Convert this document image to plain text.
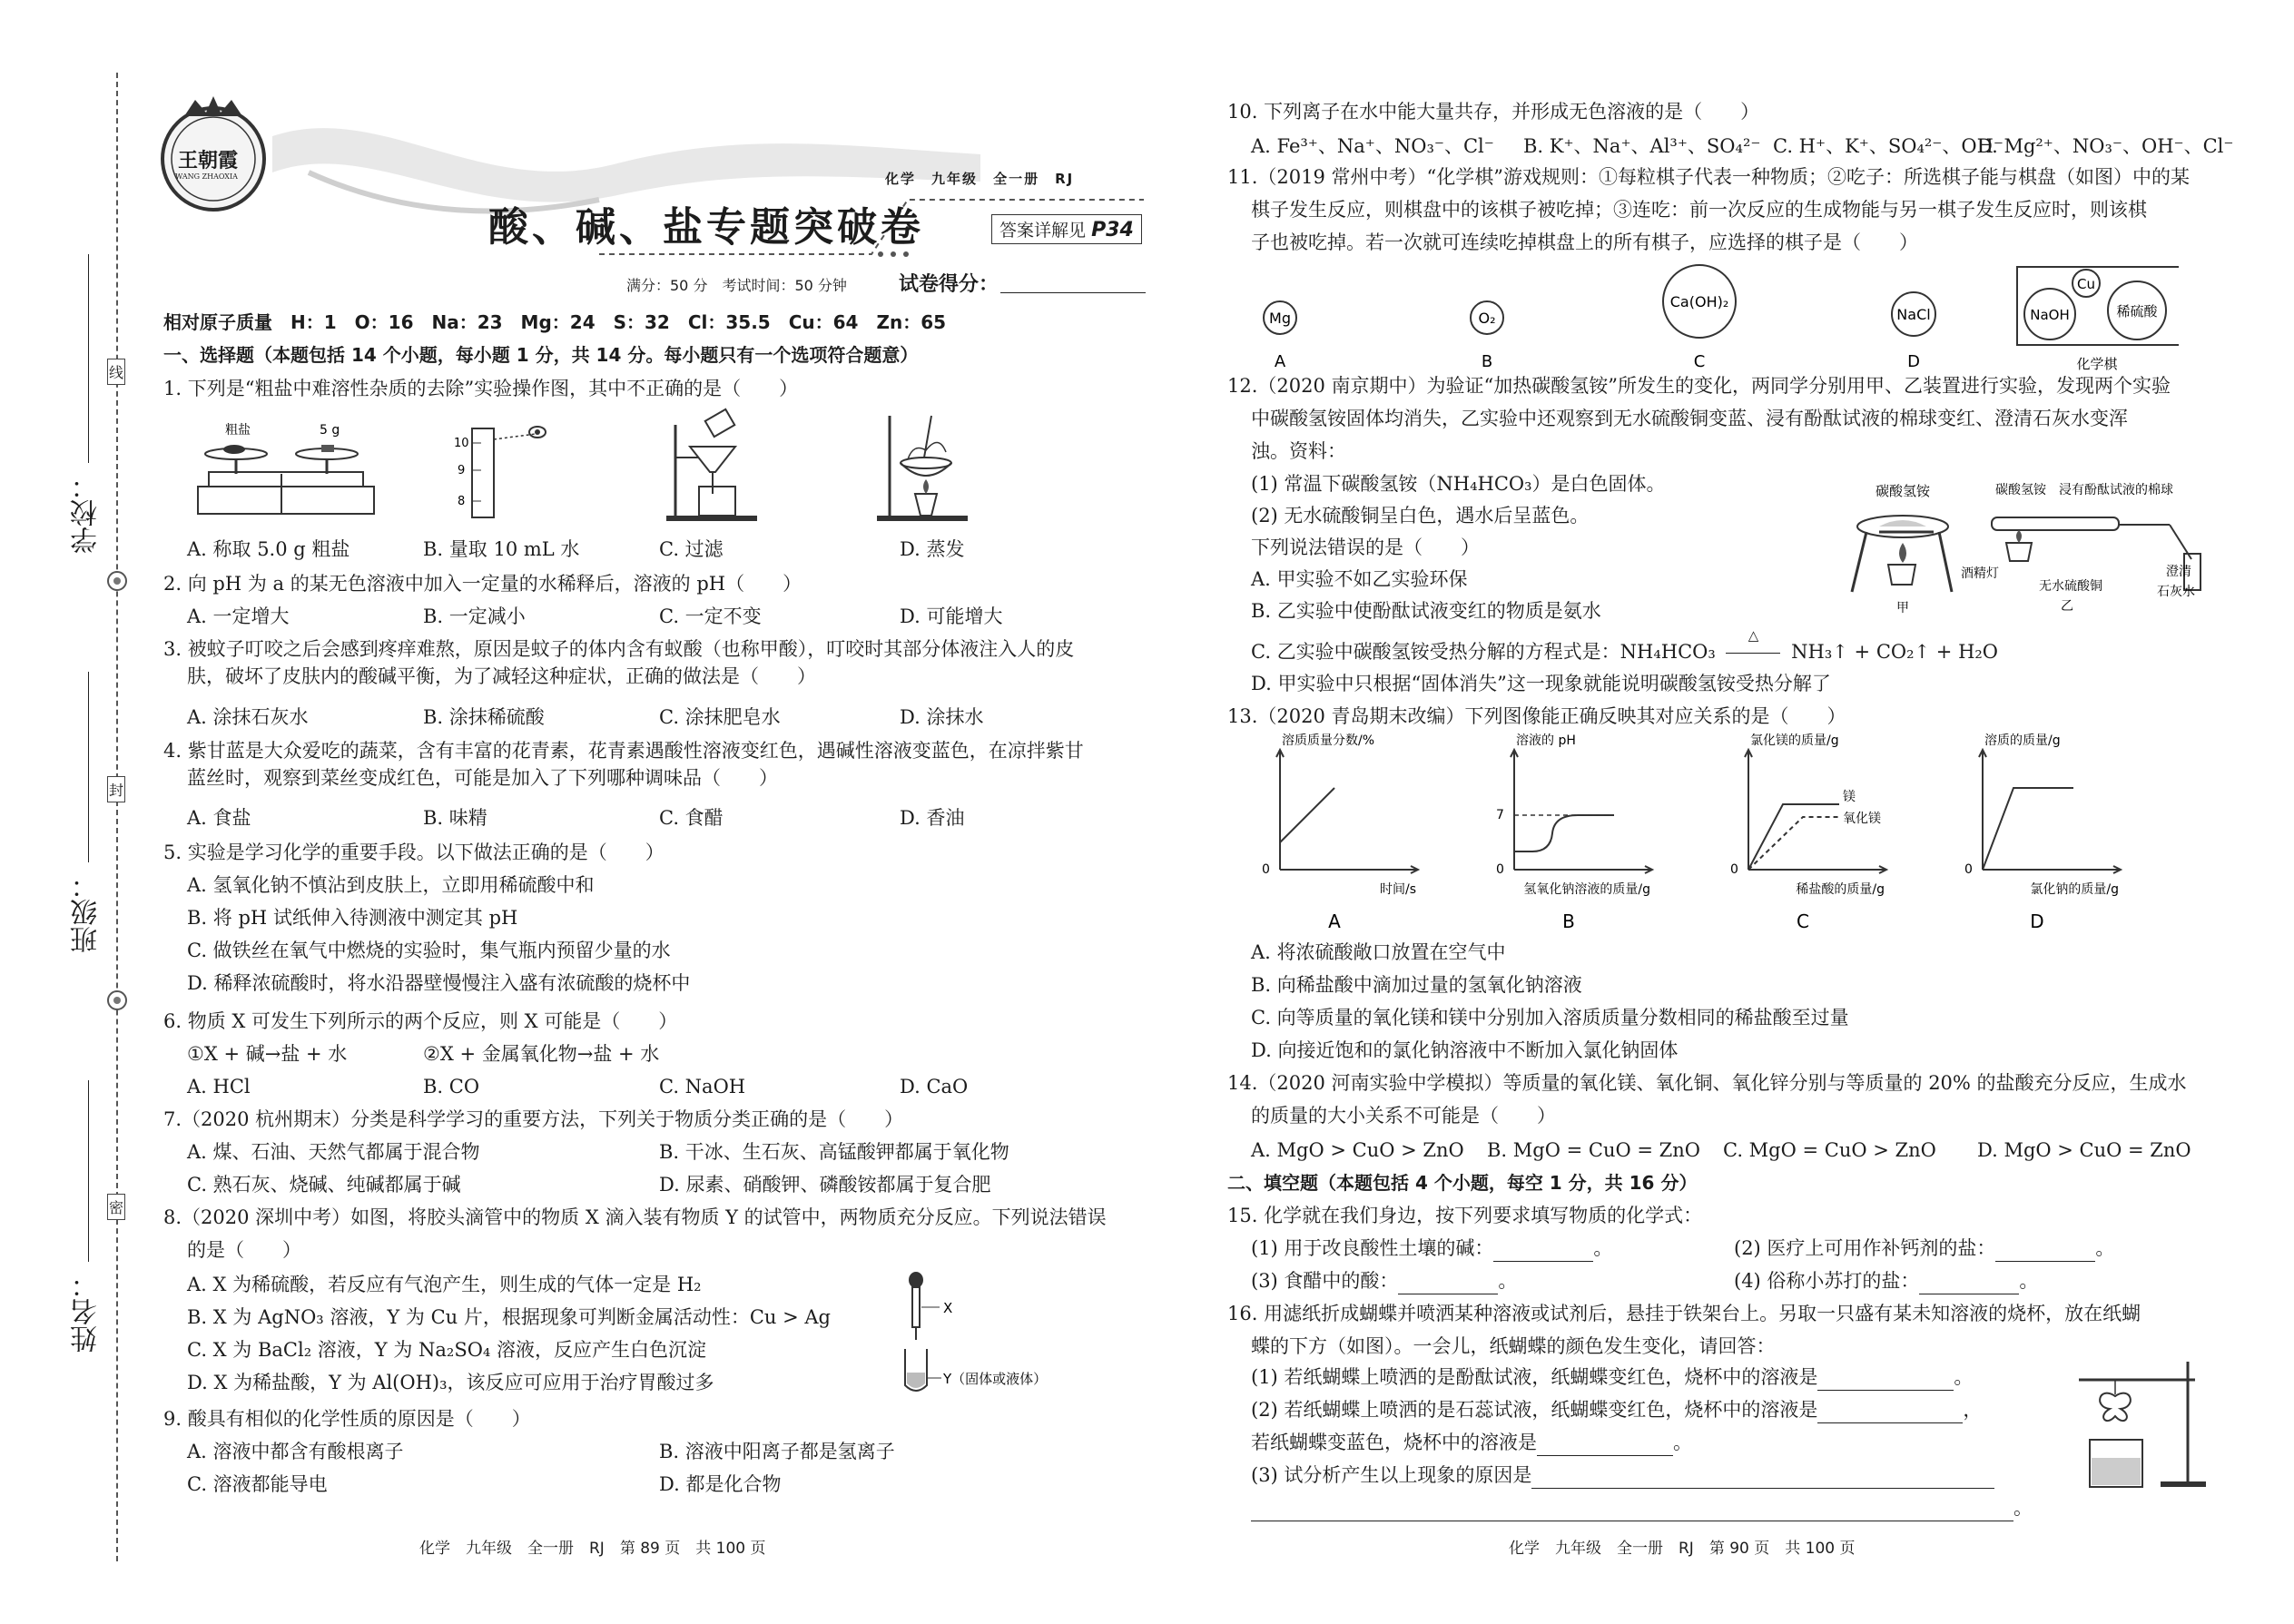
学校：
班级：
姓名：
线
封
密
王朝霞
WANG ZHAOXIA	化学　 九年级　 全一册　 RJ
酸、碱、盐专题突破卷	答案详解见 P34
满分：50 分　考试时间：50 分钟	试卷得分：
相对原子质量　H：1　O：16　Na：23　Mg：24　S：32　Cl：35.5　Cu：64　Zn：65
一、选择题（本题包括 14 个小题，每小题 1 分，共 14 分。每小题只有一个选项符合题意）
1. 下列是“粗盐中难溶性杂质的去除”实验操作图，其中不正确的是（　　）
粗盐	5 g
10
9
8
A. 称取 5.0 g 粗盐	B. 量取 10 mL 水	C. 过滤	D. 蒸发
2. 向 pH 为 a 的某无色溶液中加入一定量的水稀释后，溶液的 pH（　　）
A. 一定增大	B. 一定减小	C. 一定不变	D. 可能增大
3. 被蚊子叮咬之后会感到疼痒难熬，原因是蚊子的体内含有蚁酸（也称甲酸），叮咬时其部分体液注入人的皮
肤，破坏了皮肤内的酸碱平衡，为了减轻这种症状，正确的做法是（　　）
A. 涂抹石灰水	B. 涂抹稀硫酸	C. 涂抹肥皂水	D. 涂抹水
4. 紫甘蓝是大众爱吃的蔬菜，含有丰富的花青素，花青素遇酸性溶液变红色，遇碱性溶液变蓝色，在凉拌紫甘
蓝丝时，观察到菜丝变成红色，可能是加入了下列哪种调味品（　　）
A. 食盐	B. 味精	C. 食醋	D. 香油
5. 实验是学习化学的重要手段。以下做法正确的是（　　）
A. 氢氧化钠不慎沾到皮肤上，立即用稀硫酸中和
B. 将 pH 试纸伸入待测液中测定其 pH
C. 做铁丝在氧气中燃烧的实验时，集气瓶内预留少量的水
D. 稀释浓硫酸时，将水沿器壁慢慢注入盛有浓硫酸的烧杯中
6. 物质 X 可发生下列所示的两个反应，则 X 可能是（　　）
①X + 碱→盐 + 水	②X + 金属氧化物→盐 + 水
A. HCl	B. CO	C. NaOH	D. CaO
7.（2020 杭州期末）分类是科学学习的重要方法，下列关于物质分类正确的是（　　）
A. 煤、石油、天然气都属于混合物	B. 干冰、生石灰、高锰酸钾都属于氧化物
C. 熟石灰、烧碱、纯碱都属于碱	D. 尿素、硝酸钾、磷酸铵都属于复合肥
8.（2020 深圳中考）如图，将胶头滴管中的物质 X 滴入装有物质 Y 的试管中，两物质充分反应。下列说法错误
的是（　　）
A. X 为稀硫酸，若反应有气泡产生，则生成的气体一定是 H₂
B. X 为 AgNO₃ 溶液，Y 为 Cu 片，根据现象可判断金属活动性：Cu > Ag
C. X 为 BaCl₂ 溶液，Y 为 Na₂SO₄ 溶液，反应产生白色沉淀
D. X 为稀盐酸，Y 为 Al(OH)₃，该反应可应用于治疗胃酸过多
X
Y（固体或液体）
9. 酸具有相似的化学性质的原因是（　　）
A. 溶液中都含有酸根离子	B. 溶液中阳离子都是氢离子
C. 溶液都能导电	D. 都是化合物
化学　九年级　全一册　RJ　第 89 页　共 100 页
10. 下列离子在水中能大量共存，并形成无色溶液的是（　　）
A. Fe³⁺、Na⁺、NO₃⁻、Cl⁻ B. K⁺、Na⁺、Al³⁺、SO₄²⁻ C. H⁺、K⁺、SO₄²⁻、OH⁻
D. Mg²⁺、NO₃⁻、OH⁻、Cl⁻
11.（2019 常州中考）“化学棋”游戏规则：①每粒棋子代表一种物质；②吃子：所选棋子能与棋盘（如图）中的某
棋子发生反应，则棋盘中的该棋子被吃掉；③连吃：前一次反应的生成物能与另一棋子发生反应时，则该棋
子也被吃掉。若一次就可连续吃掉棋盘上的所有棋子，应选择的棋子是（　　）
Mg
A
O₂
B
Ca(OH)₂
C
NaCl
D
NaOH
Cu
稀硫酸
化学棋
12.（2020 南京期中）为验证“加热碳酸氢铵”所发生的变化，两同学分别用甲、乙装置进行实验，发现两个实验
中碳酸氢铵固体均消失，乙实验中还观察到无水硫酸铜变蓝、浸有酚酞试液的棉球变红、澄清石灰水变浑
浊。资料：
(1) 常温下碳酸氢铵（NH₄HCO₃）是白色固体。
(2) 无水硫酸铜呈白色，遇水后呈蓝色。
下列说法错误的是（　　）
A. 甲实验不如乙实验环保
B. 乙实验中使酚酞试液变红的物质是氨水
C. 乙实验中碳酸氢铵受热分解的方程式是：NH₄HCO₃
△
NH₃↑ + CO₂↑ + H₂O
D. 甲实验中只根据“固体消失”这一现象就能说明碳酸氢铵受热分解了
碳酸氢铵
甲
碳酸氢铵 浸有酚酞试液的棉球
酒精灯
无水硫酸铜
澄清
石灰水
乙
13.（2020 青岛期末改编）下列图像能正确反映其对应关系的是（　　）
溶质质量分数/%
时间/s
0
A
溶液的 pH
氢氧化钠溶液的质量/g
0
B
7
氯化镁的质量/g
稀盐酸的质量/g
0
C
镁
氧化镁
溶质的质量/g
氯化钠的质量/g
0
D
A. 将浓硫酸敞口放置在空气中
B. 向稀盐酸中滴加过量的氢氧化钠溶液
C. 向等质量的氧化镁和镁中分别加入溶质质量分数相同的稀盐酸至过量
D. 向接近饱和的氯化钠溶液中不断加入氯化钠固体
14.（2020 河南实验中学模拟）等质量的氧化镁、氧化铜、氧化锌分别与等质量的 20% 的盐酸充分反应，生成水
的质量的大小关系不可能是（　　）
A. MgO > CuO > ZnO B. MgO = CuO = ZnO C. MgO = CuO > ZnO D. MgO > CuO = ZnO
二、填空题（本题包括 4 个小题，每空 1 分，共 16 分）
15. 化学就在我们身边，按下列要求填写物质的化学式：
(1) 用于改良酸性土壤的碱：	。	(2) 医疗上可用作补钙剂的盐：	。
(3) 食醋中的酸：	。	(4) 俗称小苏打的盐：	。
16. 用滤纸折成蝴蝶并喷洒某种溶液或试剂后，悬挂于铁架台上。另取一只盛有某未知溶液的烧杯，放在纸蝴
蝶的下方（如图）。一会儿，纸蝴蝶的颜色发生变化，请回答：
(1) 若纸蝴蝶上喷洒的是酚酞试液，纸蝴蝶变红色，烧杯中的溶液是	。
(2) 若纸蝴蝶上喷洒的是石蕊试液，纸蝴蝶变红色，烧杯中的溶液是	，
若纸蝴蝶变蓝色，烧杯中的溶液是	。
(3) 试分析产生以上现象的原因是
。
化学　九年级　全一册　RJ　第 90 页　共 100 页
